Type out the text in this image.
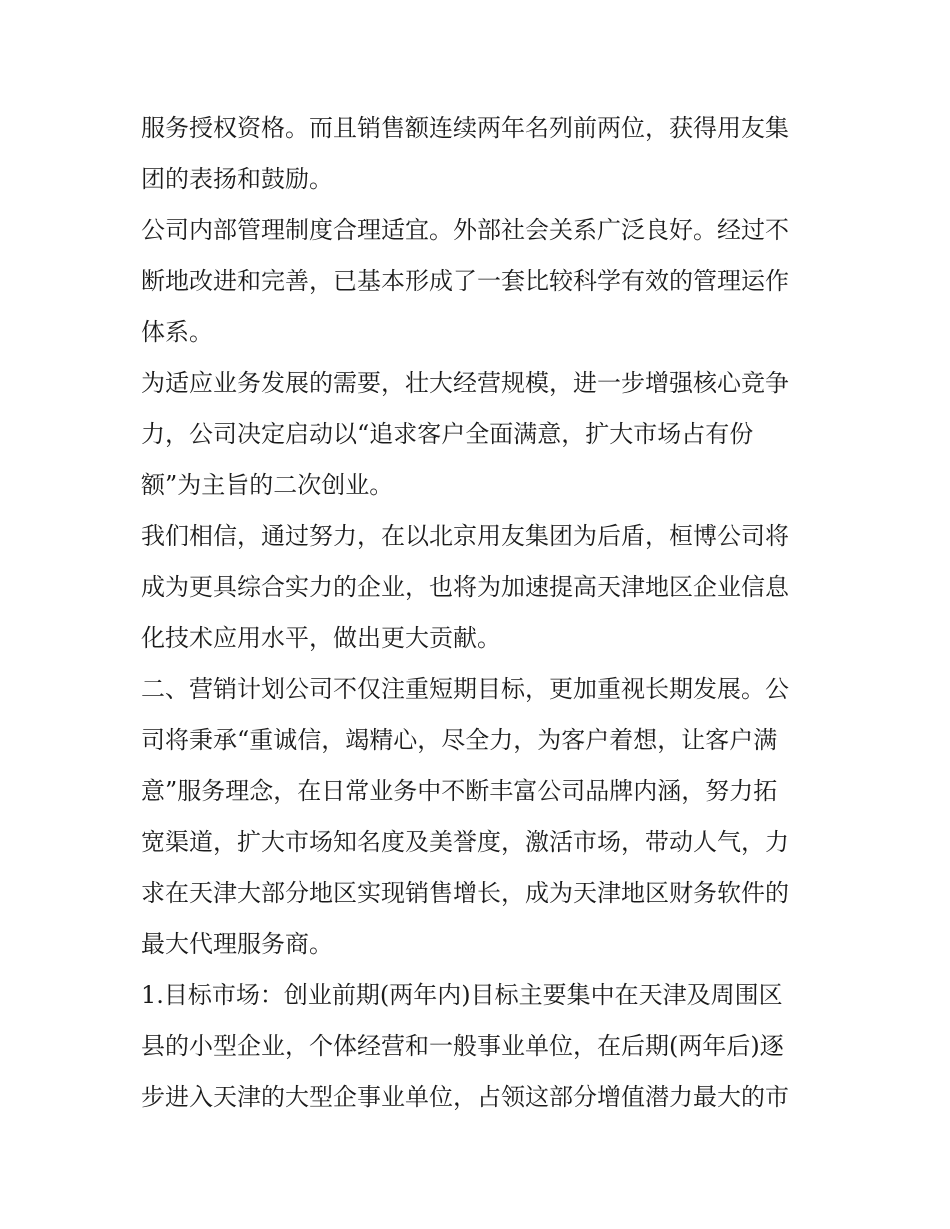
服务授权资格。而且销售额连续两年名列前两位，获得用友集
团的表扬和鼓励。
公司内部管理制度合理适宜。外部社会关系广泛良好。经过不
断地改进和完善，已基本形成了一套比较科学有效的管理运作
体系。
为适应业务发展的需要，壮大经营规模，进一步增强核心竞争
力，公司决定启动以“追求客户全面满意，扩大市场占有份
额”为主旨的二次创业。
我们相信，通过努力，在以北京用友集团为后盾，桓博公司将
成为更具综合实力的企业，也将为加速提高天津地区企业信息
化技术应用水平，做出更大贡献。
二、营销计划公司不仅注重短期目标，更加重视长期发展。公
司将秉承“重诚信，竭精心，尽全力，为客户着想，让客户满
意”服务理念，在日常业务中不断丰富公司品牌内涵，努力拓
宽渠道，扩大市场知名度及美誉度，激活市场，带动人气，力
求在天津大部分地区实现销售增长，成为天津地区财务软件的
最大代理服务商。
1.目标市场：创业前期(两年内)目标主要集中在天津及周围区
县的小型企业，个体经营和一般事业单位，在后期(两年后)逐
步进入天津的大型企事业单位，占领这部分增值潜力最大的市
